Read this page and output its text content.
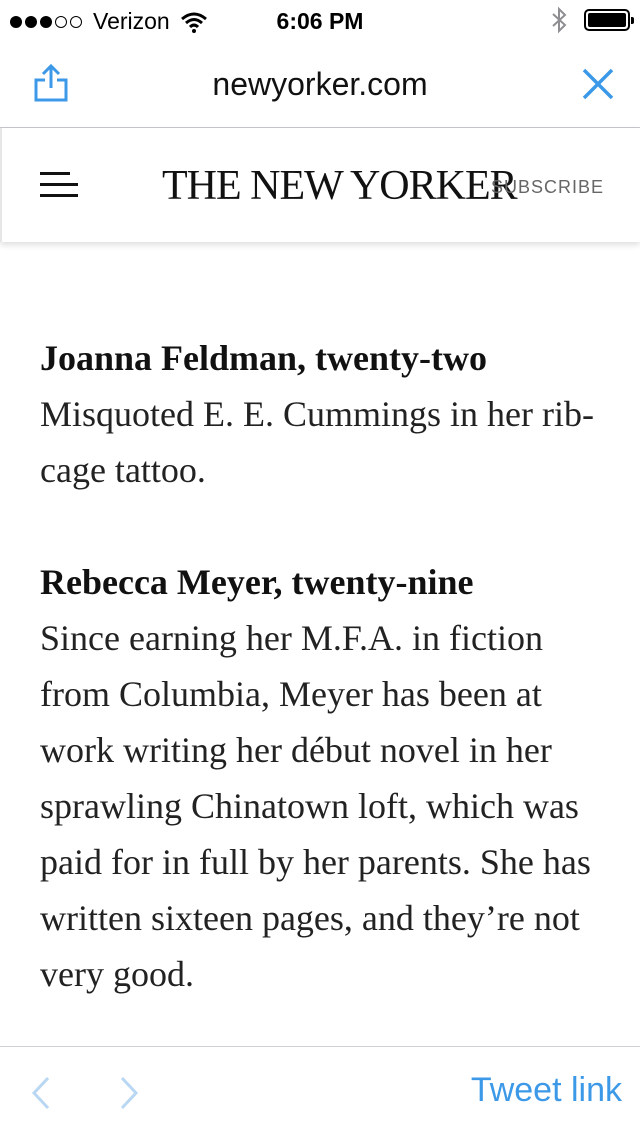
Verizon	6:06 PM
newyorker.com
THE NEW YORKER
SUBSCRIBE

Joanna Feldman, twenty-two

Misquoted E. E. Cummings in her rib-cage tattoo.

Rebecca Meyer, twenty-nine

Since earning her M.F.A. in fiction from Columbia, Meyer has been at work writing her début novel in her sprawling Chinatown loft, which was paid for in full by her parents. She has written sixteen pages, and they’re not very good.

Tweet link
